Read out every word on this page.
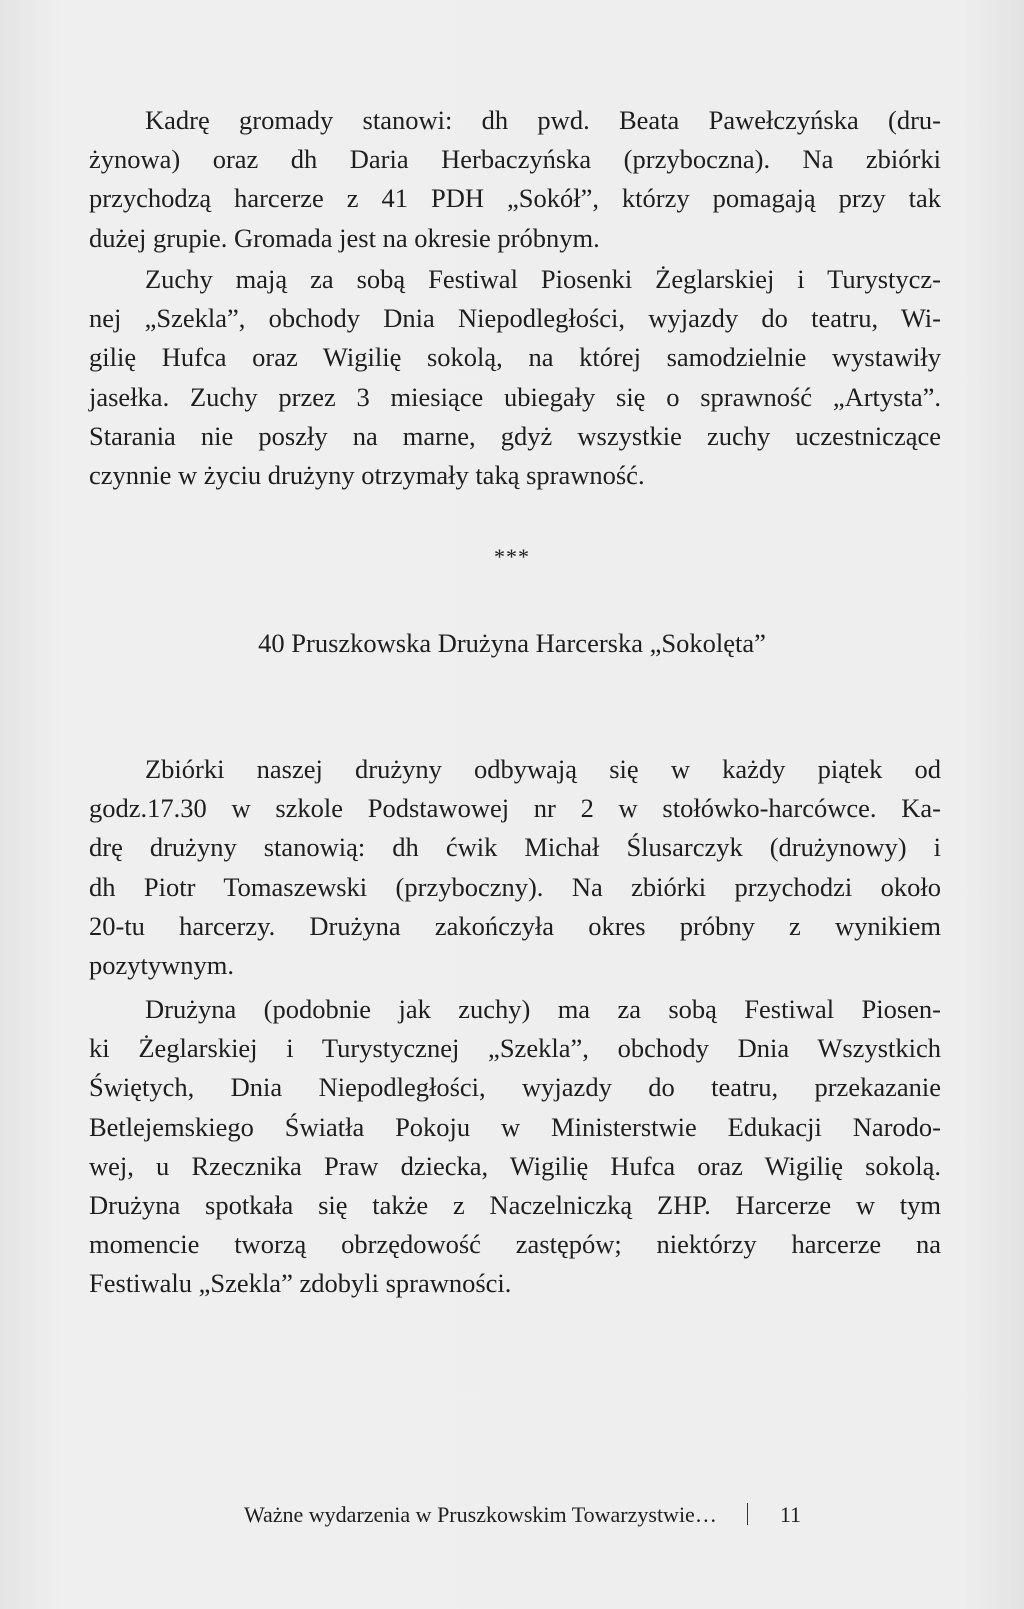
Kadrę gromady stanowi: dh pwd. Beata Pawełczyńska (dru-
żynowa) oraz dh Daria Herbaczyńska (przyboczna). Na zbiórki
przychodzą harcerze z 41 PDH „Sokół”, którzy pomagają przy tak
dużej grupie. Gromada jest na okresie próbnym.
Zuchy mają za sobą Festiwal Piosenki Żeglarskiej i Turystycz-
nej „Szekla”, obchody Dnia Niepodległości, wyjazdy do teatru, Wi-
gilię Hufca oraz Wigilię sokolą, na której samodzielnie wystawiły
jasełka. Zuchy przez 3 miesiące ubiegały się o sprawność „Artysta”.
Starania nie poszły na marne, gdyż wszystkie zuchy uczestniczące
czynnie w życiu drużyny otrzymały taką sprawność.
***
40 Pruszkowska Drużyna Harcerska „Sokolęta”
Zbiórki naszej drużyny odbywają się w każdy piątek od
godz.17.30 w szkole Podstawowej nr 2 w stołówko-harcówce. Ka-
drę drużyny stanowią: dh ćwik Michał Ślusarczyk (drużynowy) i
dh Piotr Tomaszewski (przyboczny). Na zbiórki przychodzi około
20-tu harcerzy. Drużyna zakończyła okres próbny z wynikiem
pozytywnym.
Drużyna (podobnie jak zuchy) ma za sobą Festiwal Piosen-
ki Żeglarskiej i Turystycznej „Szekla”, obchody Dnia Wszystkich
Świętych, Dnia Niepodległości, wyjazdy do teatru, przekazanie
Betlejemskiego Światła Pokoju w Ministerstwie Edukacji Narodo-
wej, u Rzecznika Praw dziecka, Wigilię Hufca oraz Wigilię sokolą.
Drużyna spotkała się także z Naczelniczką ZHP. Harcerze w tym
momencie tworzą obrzędowość zastępów; niektórzy harcerze na
Festiwalu „Szekla” zdobyli sprawności.
Ważne wydarzenia w Pruszkowskim Towarzystwie…	11
